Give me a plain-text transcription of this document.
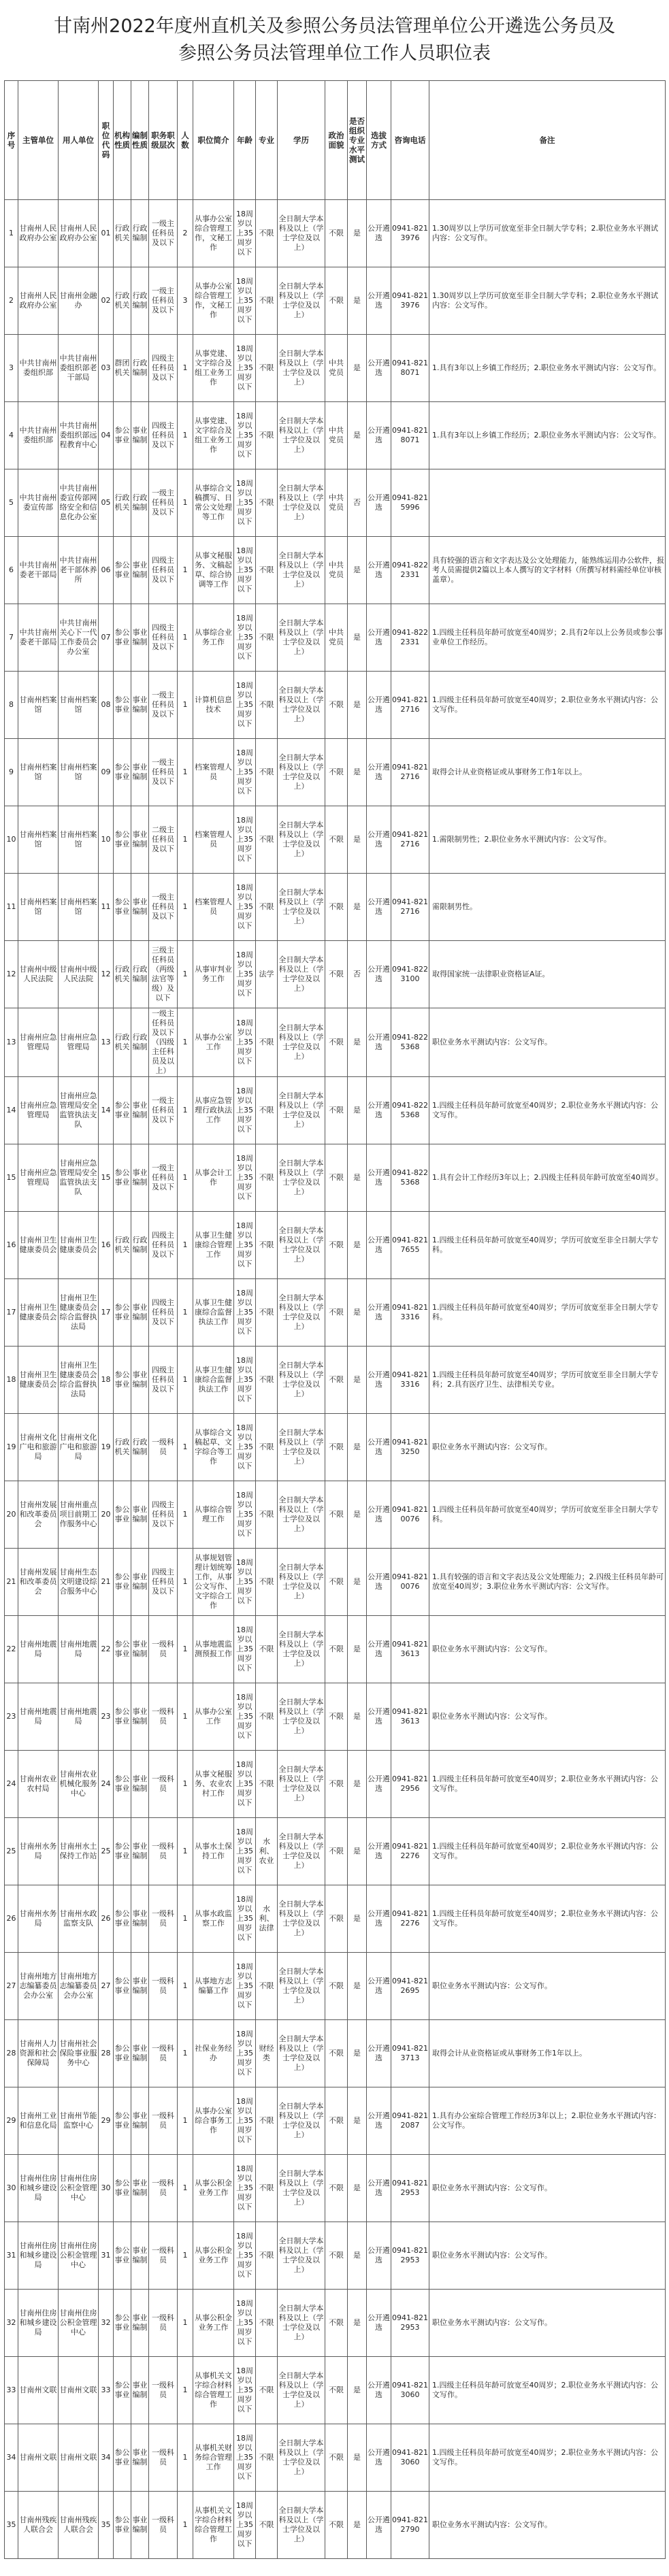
甘南州2022年度州直机关及参照公务员法管理单位公开遴选公务员及参照公务员法管理单位工作人员职位表
序号	主管单位	用人单位	职位代码	机构性质	编制性质	职务职级层次	人数	职位简介	年龄	专业	学历	政治面貌	是否组织专业水平测试	选拔方式	咨询电话	备注
1	甘南州人民政府办公室	甘南州人民政府办公室	01	行政机关	行政编制	一级主任科员及以下	2	从事办公室综合管理工作，文秘工作	18周岁以上35周岁以下	不限	全日制大学本科及以上（学士学位及以上）	不限	是	公开遴选	0941-8213976	1.30周岁以上学历可放宽至非全日制大学专科；2.职位业务水平测试内容：公文写作。
2	甘南州人民政府办公室	甘南州金融办	02	行政机关	行政编制	一级主任科员及以下	3	从事办公室综合管理工作，文秘工作	18周岁以上35周岁以下	不限	全日制大学本科及以上（学士学位及以上）	不限	是	公开遴选	0941-8213976	1.30周岁以上学历可放宽至非全日制大学专科；2.职位业务水平测试内容：公文写作。
3	中共甘南州委组织部	中共甘南州委组织部老干部局	03	群团机关	行政编制	四级主任科员及以下	1	从事党建、文字综合及组工业务工作	18周岁以上35周岁以下	不限	全日制大学本科及以上（学士学位及以上）	中共党员	是	公开遴选	0941-8218071	1.具有3年以上乡镇工作经历；2.职位业务水平测试内容：公文写作。
4	中共甘南州委组织部	中共甘南州委组织部远程教育中心	04	参公事业	事业编制	四级主任科员及以下	1	从事党建、文字综合及组工业务工作	18周岁以上35周岁以下	不限	全日制大学本科及以上（学士学位及以上）	中共党员	是	公开遴选	0941-8218071	1.具有3年以上乡镇工作经历；2.职位业务水平测试内容：公文写作。
5	中共甘南州委宣传部	中共甘南州委宣传部网络安全和信息化办公室	05	行政机关	行政编制	一级主任科员及以下	1	从事综合文稿撰写、日常公文处理等工作	18周岁以上35周岁以下	不限	全日制大学本科及以上（学士学位及以上）	中共党员	否	公开遴选	0941-8215996	
6	中共甘南州委老干部局	中共甘南州老干部休养所	06	参公事业	事业编制	四级主任科员及以下	1	从事文秘服务、文稿起草、综合协调等工作	18周岁以上35周岁以下	不限	全日制大学本科及以上（学士学位及以上）	中共党员	是	公开遴选	0941-8222331	具有较强的语言和文字表达及公文处理能力，能熟练运用办公软件，报考人员需提供2篇以上本人撰写的文字材料（所撰写材料需经单位审核盖章）。
7	中共甘南州委老干部局	中共甘南州关心下一代工作委员会办公室	07	参公事业	事业编制	四级主任科员及以下	1	从事综合业务工作	18周岁以上35周岁以下	不限	全日制大学本科及以上（学士学位及以上）	中共党员	是	公开遴选	0941-8222331	1.四级主任科员年龄可放宽至40周岁；2.具有2年以上公务员或参公事业单位工作经历。
8	甘南州档案馆	甘南州档案馆	08	参公事业	事业编制	一级主任科员及以下	1	计算机信息技术	18周岁以上35周岁以下	不限	全日制大学本科及以上（学士学位及以上）	不限	是	公开遴选	0941-8212716	1.四级主任科员年龄可放宽至40周岁；2.职位业务水平测试内容：公文写作。
9	甘南州档案馆	甘南州档案馆	09	参公事业	事业编制	一级主任科员及以下	1	档案管理人员	18周岁以上35周岁以下	不限	全日制大学本科及以上（学士学位及以上）	不限	是	公开遴选	0941-8212716	取得会计从业资格证或从事财务工作1年以上。
10	甘南州档案馆	甘南州档案馆	10	参公事业	事业编制	二级主任科员及以下	1	档案管理人员	18周岁以上35周岁以下	不限	全日制大学本科及以上（学士学位及以上）	不限	是	公开遴选	0941-8212716	1.需限制男性；2.职位业务水平测试内容：公文写作。
11	甘南州档案馆	甘南州档案馆	11	参公事业	事业编制	一级主任科员及以下	1	档案管理人员	18周岁以上35周岁以下	不限	全日制大学本科及以上（学士学位及以上）	不限	是	公开遴选	0941-8212716	需限制男性。
12	甘南州中级人民法院	甘南州中级人民法院	12	行政机关	行政编制	三级主任科员（两级法官等级）及以下	1	从事审判业务工作	18周岁以上35周岁以下	法学	全日制大学本科及以上（学士学位及以上）	不限	否	公开遴选	0941-8223100	取得国家统一法律职业资格证A证。
13	甘南州应急管理局	甘南州应急管理局	13	行政机关	行政编制	一级主任科员及以下（四级主任科员及以上）	1	从事办公室工作	18周岁以上35周岁以下	不限	全日制大学本科及以上（学士学位及以上）	不限	是	公开遴选	0941-8225368	职位业务水平测试内容：公文写作。
14	甘南州应急管理局	甘南州应急管理局安全监管执法支队	14	参公事业	事业编制	一级主任科员及以下	1	从事应急管理行政执法工作	18周岁以上35周岁以下	不限	全日制大学本科及以上（学士学位及以上）	不限	是	公开遴选	0941-8225368	1.四级主任科员年龄可放宽至40周岁；2.职位业务水平测试内容：公文写作。
15	甘南州应急管理局	甘南州应急管理局安全监管执法支队	15	参公事业	事业编制	一级主任科员及以下	1	从事会计工作	18周岁以上35周岁以下	不限	全日制大学本科及以上（学士学位及以上）	不限	是	公开遴选	0941-8225368	1.具有会计工作经历3年以上；2.四级主任科员年龄可放宽至40周岁。
16	甘南州卫生健康委员会	甘南州卫生健康委员会	16	行政机关	行政编制	四级主任科员及以下	1	从事卫生健康综合管理工作	18周岁以上35周岁以下	不限	全日制大学本科及以上（学士学位及以上）	不限	是	公开遴选	0941-8217655	1.四级主任科员年龄可放宽至40周岁；学历可放宽至非全日制大学专科。
17	甘南州卫生健康委员会	甘南州卫生健康委员会综合监督执法局	17	参公事业	事业编制	四级主任科员及以下	1	从事卫生健康综合监督执法工作	18周岁以上35周岁以下	不限	全日制大学本科及以上（学士学位及以上）	不限	是	公开遴选	0941-8213316	1.四级主任科员年龄可放宽至40周岁；学历可放宽至非全日制大学专科。
18	甘南州卫生健康委员会	甘南州卫生健康委员会综合监督执法局	18	参公事业	事业编制	四级主任科员及以下	1	从事卫生健康综合监督执法工作	18周岁以上35周岁以下	不限	全日制大学本科及以上（学士学位及以上）	不限	是	公开遴选	0941-8213316	1.四级主任科员年龄可放宽至40周岁；学历可放宽至非全日制大学专科；2.具有医疗卫生、法律相关专业。
19	甘南州文化广电和旅游局	甘南州文化广电和旅游局	19	行政机关	行政编制	一级科员	1	从事综合文稿起草、文字综合等工作	18周岁以上35周岁以下	不限	全日制大学本科及以上（学士学位及以上）	不限	是	公开遴选	0941-8213250	职位业务水平测试内容：公文写作。
20	甘南州发展和改革委员会	甘南州重点项目前期工作服务中心	20	参公事业	事业编制	四级主任科员及以下	1	从事综合管理工作	18周岁以上35周岁以下	不限	全日制大学本科及以上（学士学位及以上）	不限	是	公开遴选	0941-8210076	1.四级主任科员年龄可放宽至40周岁；学历可放宽至非全日制大学专科。
21	甘南州发展和改革委员会	甘南州生态文明建设综合服务中心	21	参公事业	事业编制	四级主任科员及以下	1	从事规划管理计划统筹工作，从事公文写作、文字综合工作	18周岁以上35周岁以下	不限	全日制大学本科及以上（学士学位及以上）	不限	是	公开遴选	0941-8210076	1.具有较强的语言和文字表达及公文处理能力；2.四级主任科员年龄可放宽至40周岁；3.职位业务水平测试内容：公文写作。
22	甘南州地震局	甘南州地震局	22	参公事业	事业编制	一级科员	1	从事地震监测预报工作	18周岁以上35周岁以下	不限	全日制大学本科及以上（学士学位及以上）	不限	是	公开遴选	0941-8213613	职位业务水平测试内容：公文写作。
23	甘南州地震局	甘南州地震局	23	参公事业	事业编制	一级科员	1	从事办公室工作	18周岁以上35周岁以下	不限	全日制大学本科及以上（学士学位及以上）	不限	是	公开遴选	0941-8213613	职位业务水平测试内容：公文写作。
24	甘南州农业农村局	甘南州农业机械化服务中心	24	参公事业	事业编制	一级科员	1	从事文秘服务、农业农村工作	18周岁以上35周岁以下	不限	全日制大学本科及以上（学士学位及以上）	不限	是	公开遴选	0941-8212956	1.四级主任科员年龄可放宽至40周岁；2.职位业务水平测试内容：公文写作。
25	甘南州水务局	甘南州水土保持工作站	25	参公事业	事业编制	一级科员	1	从事水土保持工作	18周岁以上35周岁以下	水利、农业	全日制大学本科及以上（学士学位及以上）	不限	是	公开遴选	0941-8212276	1.四级主任科员年龄可放宽至40周岁；2.职位业务水平测试内容：公文写作。
26	甘南州水务局	甘南州水政监察支队	26	参公事业	事业编制	一级科员	1	从事水政监察工作	18周岁以上35周岁以下	水利、法律	全日制大学本科及以上（学士学位及以上）	不限	是	公开遴选	0941-8212276	1.四级主任科员年龄可放宽至40周岁；2.职位业务水平测试内容：公文写作。
27	甘南州地方志编纂委员会办公室	甘南州地方志编纂委员会办公室	27	参公事业	事业编制	一级科员	1	从事地方志编纂工作	18周岁以上35周岁以下	不限	全日制大学本科及以上（学士学位及以上）	不限	是	公开遴选	0941-8212695	职位业务水平测试内容：公文写作。
28	甘南州人力资源和社会保障局	甘南州社会保险事业服务中心	28	参公事业	事业编制	一级科员	1	社保业务经办	18周岁以上35周岁以下	财经类	全日制大学本科及以上（学士学位及以上）	不限	是	公开遴选	0941-8213713	取得会计从业资格证或从事财务工作1年以上。
29	甘南州工业和信息化局	甘南州节能监察中心	29	参公事业	事业编制	一级科员	1	从事办公室综合事务工作	18周岁以上35周岁以下	不限	全日制大学本科及以上（学士学位及以上）	不限	是	公开遴选	0941-8212087	1.具有办公室综合管理工作经历3年以上；2.职位业务水平测试内容：公文写作。
30	甘南州住房和城乡建设局	甘南州住房公积金管理中心	30	参公事业	事业编制	一级科员	1	从事公积金业务工作	18周岁以上35周岁以下	不限	全日制大学本科及以上（学士学位及以上）	不限	是	公开遴选	0941-8212953	职位业务水平测试内容：公文写作。
31	甘南州住房和城乡建设局	甘南州住房公积金管理中心	31	参公事业	事业编制	一级科员	1	从事公积金业务工作	18周岁以上35周岁以下	不限	全日制大学本科及以上（学士学位及以上）	不限	是	公开遴选	0941-8212953	职位业务水平测试内容：公文写作。
32	甘南州住房和城乡建设局	甘南州住房公积金管理中心	32	参公事业	事业编制	一级科员	1	从事公积金业务工作	18周岁以上35周岁以下	不限	全日制大学本科及以上（学士学位及以上）	不限	是	公开遴选	0941-8212953	职位业务水平测试内容：公文写作。
33	甘南州文联	甘南州文联	33	参公事业	事业编制	一级科员	1	从事机关文字综合材料综合管理工作	18周岁以上35周岁以下	不限	全日制大学本科及以上（学士学位及以上）	不限	是	公开遴选	0941-8213060	1.四级主任科员年龄可放宽至40周岁；2.职位业务水平测试内容：公文写作。
34	甘南州文联	甘南州文联	34	参公事业	事业编制	一级科员	1	从事机关财务综合管理工作	18周岁以上35周岁以下	不限	全日制大学本科及以上（学士学位及以上）	不限	是	公开遴选	0941-8213060	1.四级主任科员年龄可放宽至40周岁；2.职位业务水平测试内容：公文写作。
35	甘南州残疾人联合会	甘南州残疾人联合会	35	参公事业	事业编制	一级科员	1	从事机关文字综合材料综合管理工作	18周岁以上35周岁以下	不限	全日制大学本科及以上（学士学位及以上）	不限	是	公开遴选	0941-8212790	职位业务水平测试内容：公文写作。
